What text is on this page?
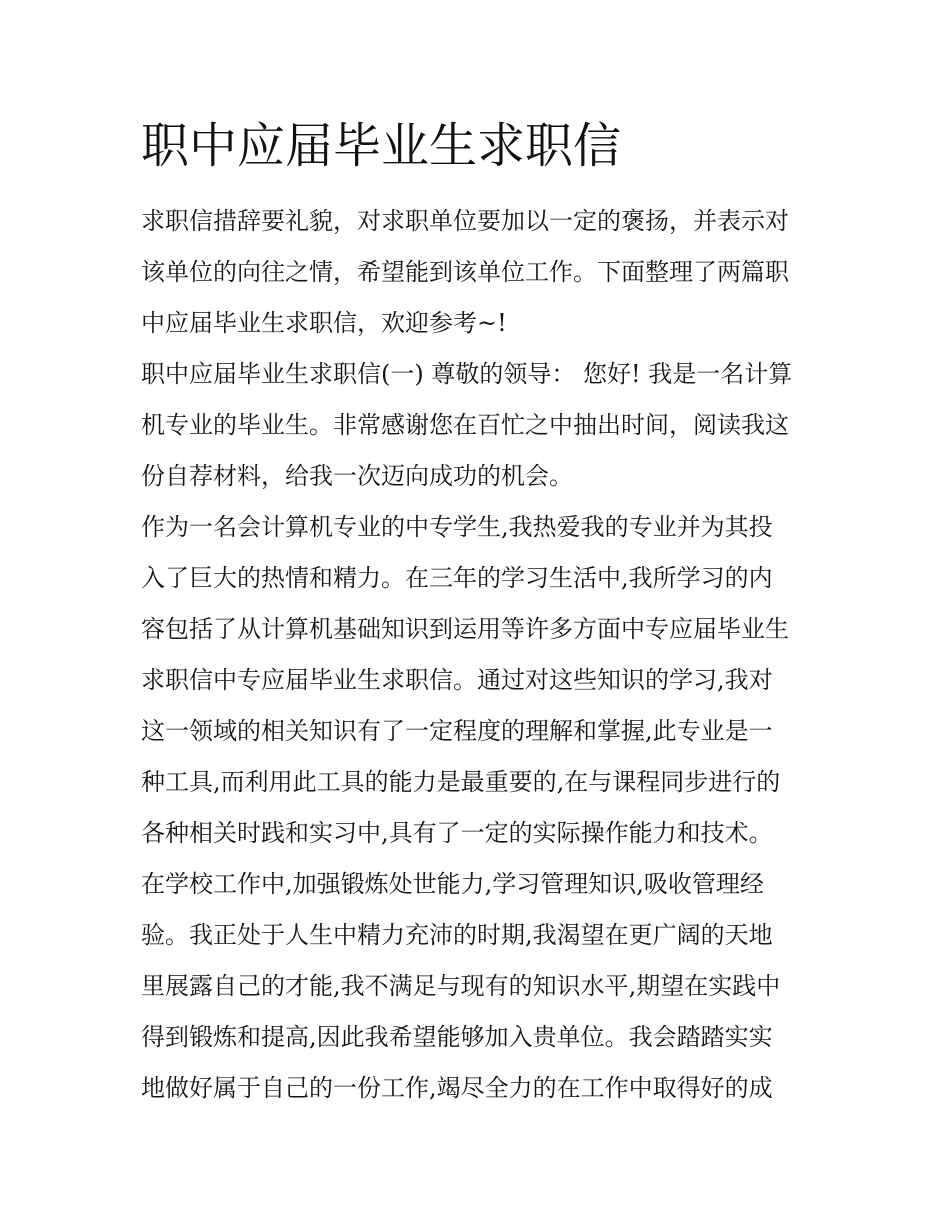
职中应届毕业生求职信

求职信措辞要礼貌，对求职单位要加以一定的褒扬，并表示对

该单位的向往之情，希望能到该单位工作。下面整理了两篇职

中应届毕业生求职信，欢迎参考~!

职中应届毕业生求职信(一) 尊敬的领导： 您好! 我是一名计算

机专业的毕业生。非常感谢您在百忙之中抽出时间，阅读我这

份自荐材料，给我一次迈向成功的机会。

作为一名会计算机专业的中专学生,我热爱我的专业并为其投

入了巨大的热情和精力。在三年的学习生活中,我所学习的内

容包括了从计算机基础知识到运用等许多方面中专应届毕业生

求职信中专应届毕业生求职信。通过对这些知识的学习,我对

这一领域的相关知识有了一定程度的理解和掌握,此专业是一

种工具,而利用此工具的能力是最重要的,在与课程同步进行的

各种相关时践和实习中,具有了一定的实际操作能力和技术。

在学校工作中,加强锻炼处世能力,学习管理知识,吸收管理经

验。我正处于人生中精力充沛的时期,我渴望在更广阔的天地

里展露自己的才能,我不满足与现有的知识水平,期望在实践中

得到锻炼和提高,因此我希望能够加入贵单位。我会踏踏实实

地做好属于自己的一份工作,竭尽全力的在工作中取得好的成
